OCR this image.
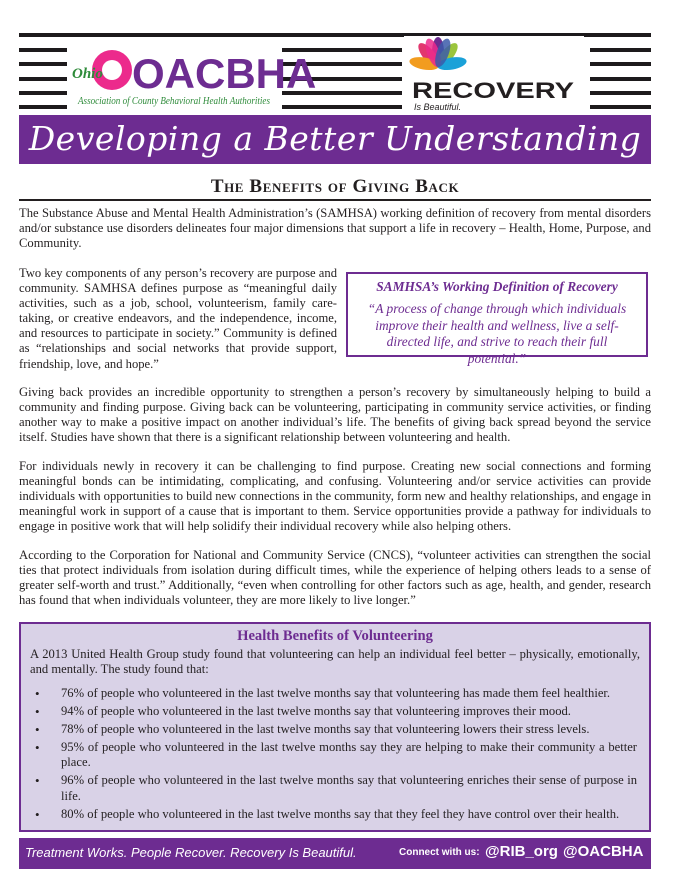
OACBHA
Ohio
Association of County Behavioral Health Authorities	RECOVERY
Is Beautiful.
Developing a Better Understanding
The Benefits of Giving Back

The Substance Abuse and Mental Health Administration’s (SAMHSA) working definition of recovery from mental disorders and/or substance use disorders delineates four major dimensions that support a life in recovery – Health, Home, Purpose, and Community.

Two key components of any person’s recovery are purpose and community. SAMHSA defines purpose as “meaningful daily activities, such as a job, school, volunteerism, family care-taking, or creative endeavors, and the independence, income, and resources to participate in society.” Community is defined as “relationships and social networks that provide support, friendship, love, and hope.”

SAMHSA’s Working Definition of Recovery
“A process of change through which individuals improve their health and wellness, live a self-directed life, and strive to reach their full potential.”

Giving back provides an incredible opportunity to strengthen a person’s recovery by simultaneously helping to build a community and finding purpose. Giving back can be volunteering, participating in community service activities, or finding another way to make a positive impact on another individual’s life. The benefits of giving back spread beyond the service itself. Studies have shown that there is a significant relationship between volunteering and health.

For individuals newly in recovery it can be challenging to find purpose. Creating new social connections and forming meaningful bonds can be intimidating, complicating, and confusing. Volunteering and/or service activities can provide individuals with opportunities to build new connections in the community, form new and healthy relationships, and engage in meaningful work in support of a cause that is important to them. Service opportunities provide a pathway for individuals to engage in positive work that will help solidify their individual recovery while also helping others.

According to the Corporation for National and Community Service (CNCS), “volunteer activities can strengthen the social ties that protect individuals from isolation during difficult times, while the experience of helping others leads to a sense of greater self-worth and trust.” Additionally, “even when controlling for other factors such as age, health, and gender, research has found that when individuals volunteer, they are more likely to live longer.”

Health Benefits of Volunteering
A 2013 United Health Group study found that volunteering can help an individual feel better – physically, emotionally, and mentally. The study found that:
• 76% of people who volunteered in the last twelve months say that volunteering has made them feel healthier.
• 94% of people who volunteered in the last twelve months say that volunteering improves their mood.
• 78% of people who volunteered in the last twelve months say that volunteering lowers their stress levels.
• 95% of people who volunteered in the last twelve months say they are helping to make their community a better place.
• 96% of people who volunteered in the last twelve months say that volunteering enriches their sense of purpose in life.
• 80% of people who volunteered in the last twelve months say that they feel they have control over their health.
Treatment Works. People Recover. Recovery Is Beautiful.	Connect with us: @RIB_org @OACBHA
